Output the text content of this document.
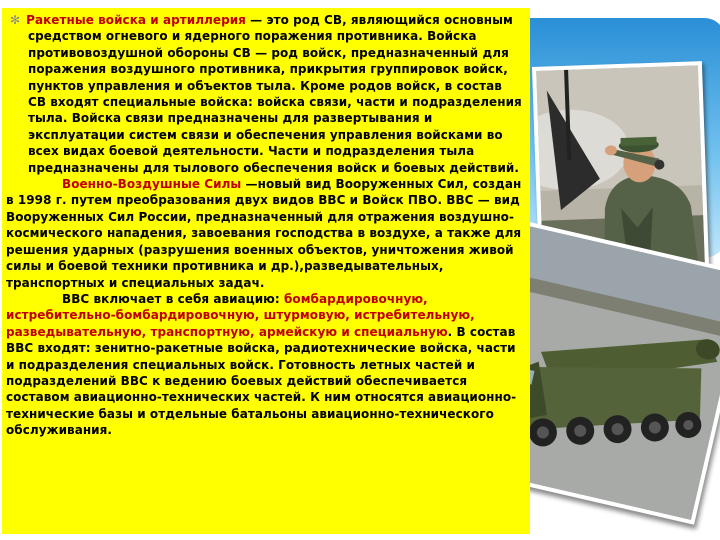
✻ Ракетные войска и артиллерия — это род СВ, являющийся основным средством огневого и ядерного поражения противника. Войска противовоздушной обороны СВ — род войск, предназначенный для поражения воздушного противника, прикрытия группировок войск, пунктов управления и объектов тыла. Кроме родов войск, в состав СВ входят специальные войска: войска связи, части и подразделения тыла. Войска связи предназначены для развертывания и эксплуатации систем связи и обеспечения управления войсками во всех видах боевой деятельности. Части и подразделения тыла предназначены для тылового обеспечения войск и боевых действий.

Военно-Воздушные Силы —новый вид Вооруженных Сил, создан в 1998 г. путем преобразования двух видов ВВС и Войск ПВО. ВВС — вид Вооруженных Сил России, предназначенный для отражения воздушно-космического нападения, завоевания господства в воздухе, а также для решения ударных (разрушения военных объектов, уничтожения живой силы и боевой техники противника и др.),разведывательных, транспортных и специальных задач.

ВВС включает в себя авиацию: бомбардировочную, истребительно-бомбардировочную, штурмовую, истребительную, разведывательную, транспортную, армейскую и специальную. В состав ВВС входят: зенитно-ракетные войска, радиотехнические войска, части и подразделения специальных войск. Готовность летных частей и подразделений ВВС к ведению боевых действий обеспечивается составом авиационно-технических частей. К ним относятся авиационно-технические базы и отдельные батальоны авиационно-технического обслуживания.
